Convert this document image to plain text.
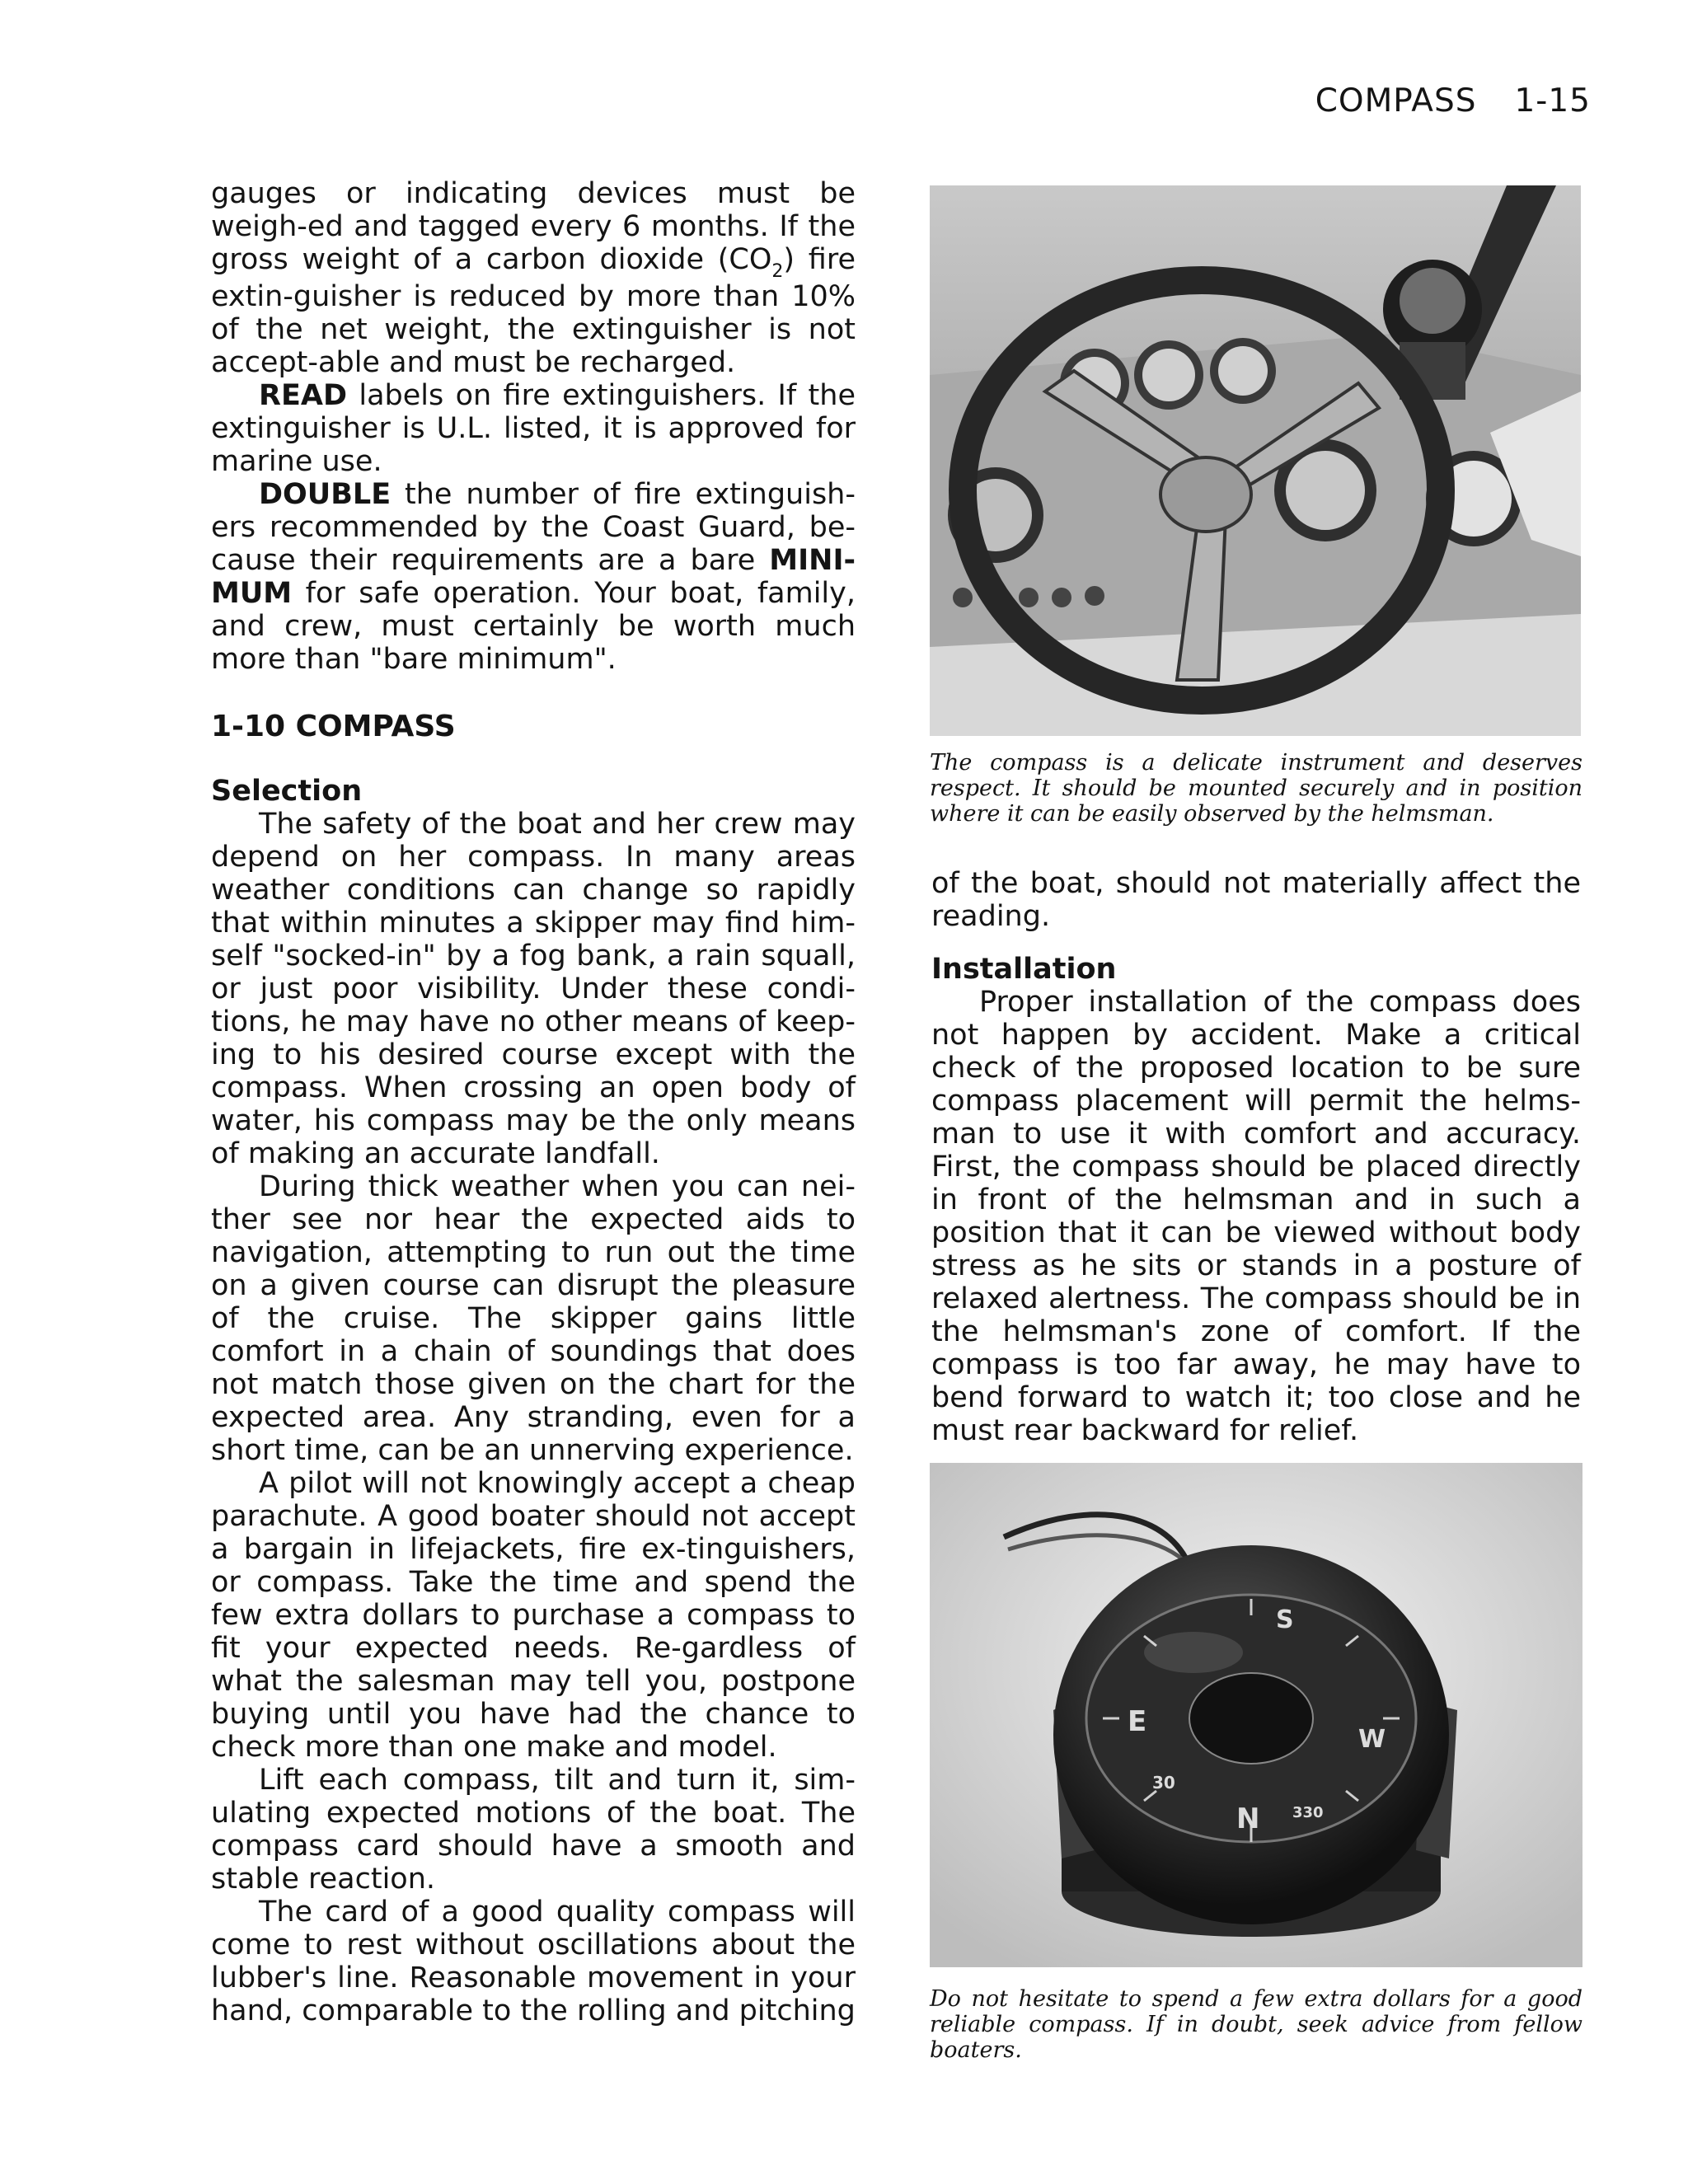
COMPASS 1-15

gauges or indicating devices must be weigh-ed and tagged every 6 months. If the gross weight of a carbon dioxide $(CO_2)$ fire extin-guisher is reduced by more than 10% of the net weight, the extinguisher is not accept-able and must be recharged.

READ labels on fire extinguishers. If the extinguisher is U.L. listed, it is approved for marine use.

DOUBLE the number of fire extinguish-ers recommended by the Coast Guard, be-cause their requirements are a bare MINI-MUM for safe operation. Your boat, family, and crew, must certainly be worth much more than "bare minimum".

1-10 COMPASS

Selection

The safety of the boat and her crew may depend on her compass. In many areas weather conditions can change so rapidly that within minutes a skipper may find him-self "socked-in" by a fog bank, a rain squall, or just poor visibility. Under these condi-tions, he may have no other means of keep-ing to his desired course except with the compass. When crossing an open body of water, his compass may be the only means of making an accurate landfall.

During thick weather when you can nei-ther see nor hear the expected aids to navigation, attempting to run out the time on a given course can disrupt the pleasure of the cruise. The skipper gains little comfort in a chain of soundings that does not match those given on the chart for the expected area. Any stranding, even for a short time, can be an unnerving experience.

A pilot will not knowingly accept a cheap parachute. A good boater should not accept a bargain in lifejackets, fire ex-tinguishers, or compass. Take the time and spend the few extra dollars to purchase a compass to fit your expected needs. Re-gardless of what the salesman may tell you, postpone buying until you have had the chance to check more than one make and model.

Lift each compass, tilt and turn it, sim-ulating expected motions of the boat. The compass card should have a smooth and stable reaction.

The card of a good quality compass will come to rest without oscillations about the lubber's line. Reasonable movement in your hand, comparable to the rolling and pitching

The compass is a delicate instrument and deserves respect. It should be mounted securely and in position where it can be easily observed by the helmsman.

of the boat, should not materially affect the reading.

Installation

Proper installation of the compass does not happen by accident. Make a critical check of the proposed location to be sure compass placement will permit the helms-man to use it with comfort and accuracy. First, the compass should be placed directly in front of the helmsman and in such a position that it can be viewed without body stress as he sits or stands in a posture of relaxed alertness. The compass should be in the helmsman's zone of comfort. If the compass is too far away, he may have to bend forward to watch it; too close and he must rear backward for relief.

N
E
S
W
30
330
Do not hesitate to spend a few extra dollars for a good reliable compass. If in doubt, seek advice from fellow boaters.
